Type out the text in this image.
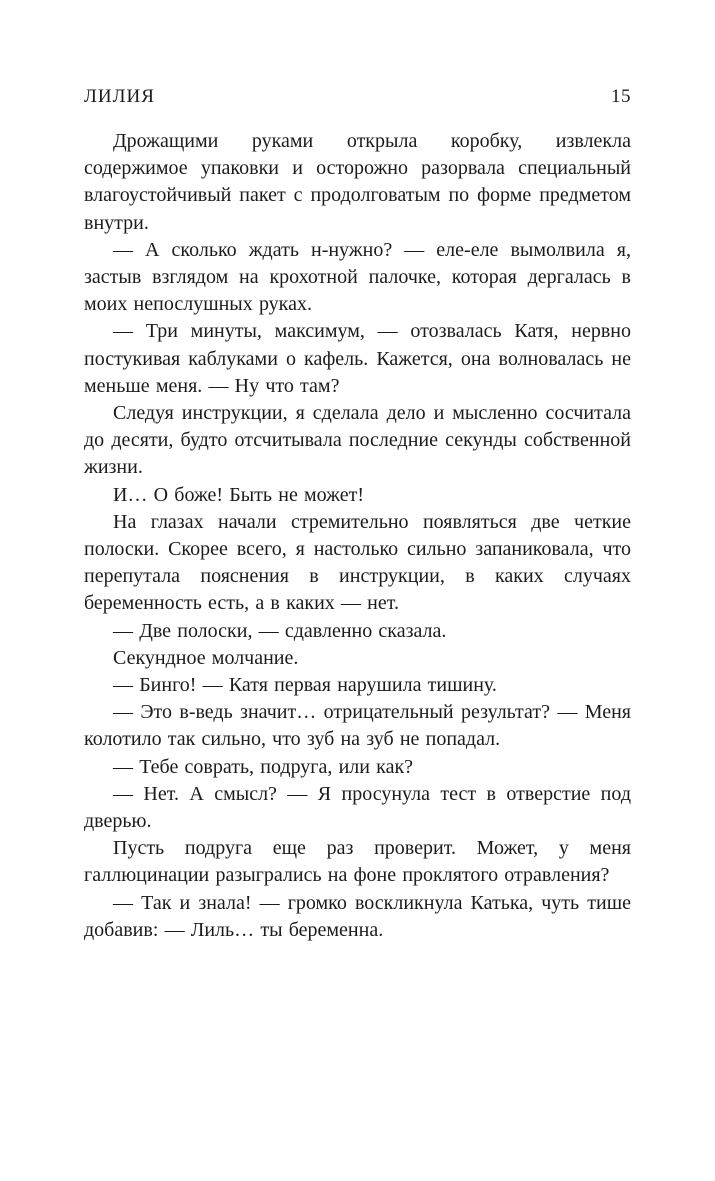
ЛИЛИЯ	15

Дрожащими руками открыла коробку, извлекла содержимое упаковки и осторожно разорвала специальный влагоустойчивый пакет с продолговатым по форме предметом внутри.

— А сколько ждать н-нужно? — еле-еле вымолвила я, застыв взглядом на крохотной палочке, которая дергалась в моих непослушных руках.

— Три минуты, максимум, — отозвалась Катя, нервно постукивая каблуками о кафель. Кажется, она волновалась не меньше меня. — Ну что там?

Следуя инструкции, я сделала дело и мысленно сосчитала до десяти, будто отсчитывала последние секунды собственной жизни.

И… О боже! Быть не может!

На глазах начали стремительно появляться две четкие полоски. Скорее всего, я настолько сильно запаниковала, что перепутала пояснения в инструкции, в каких случаях беременность есть, а в каких — нет.

— Две полоски, — сдавленно сказала.

Секундное молчание.

— Бинго! — Катя первая нарушила тишину.

— Это в-ведь значит… отрицательный результат? — Меня колотило так сильно, что зуб на зуб не попадал.

— Тебе соврать, подруга, или как?

— Нет. А смысл? — Я просунула тест в отверстие под дверью.

Пусть подруга еще раз проверит. Может, у меня галлюцинации разыгрались на фоне проклятого отравления?

— Так и знала! — громко воскликнула Катька, чуть тише добавив: — Лиль… ты беременна.
